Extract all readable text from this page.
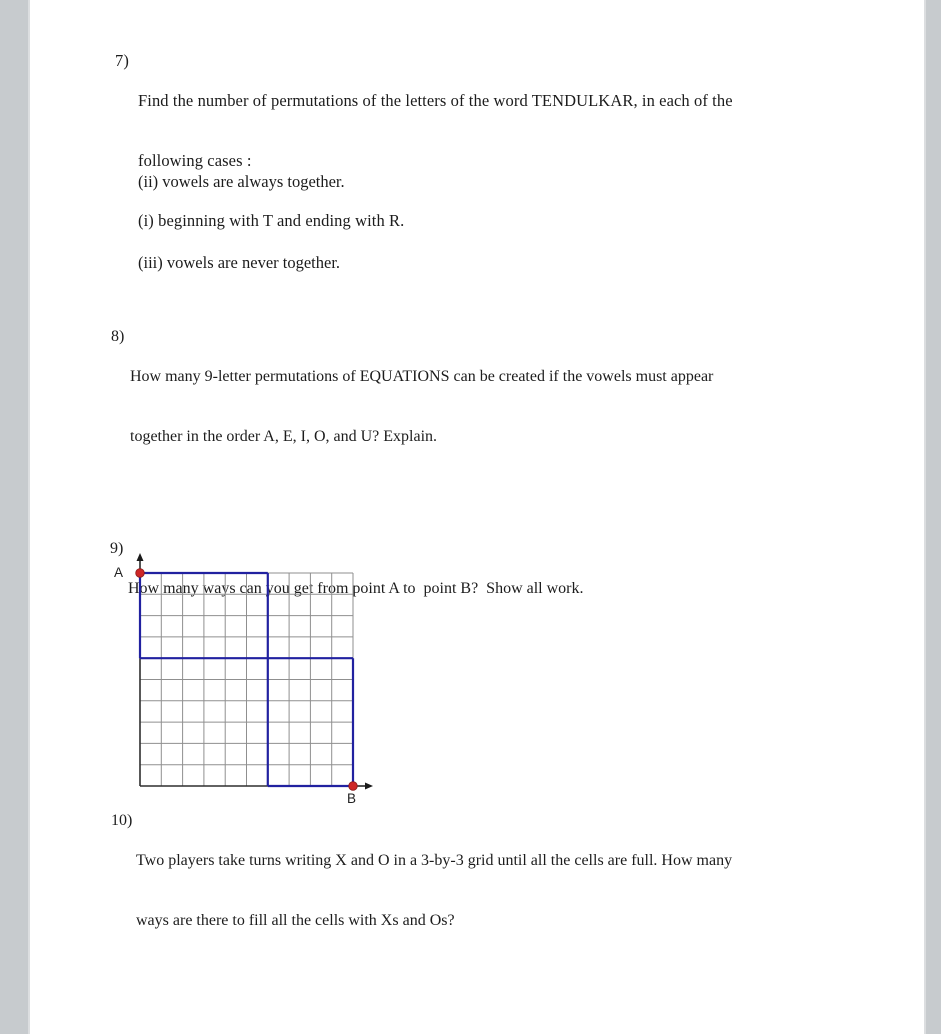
7)

Find the number of permutations of the letters of the word TENDULKAR, in each of the

following cases :

(i) beginning with T and ending with R.

(ii) vowels are always together.
(iii) vowels are never together.
8)

How many 9-letter permutations of EQUATIONS can be created if the vowels must appear

together in the order A, E, I, O, and U? Explain.

9)

How many ways can you get from point A to  point B?  Show all work.

A
B
10)

Two players take turns writing X and O in a 3-by-3 grid until all the cells are full. How many

ways are there to fill all the cells with Xs and Os?
